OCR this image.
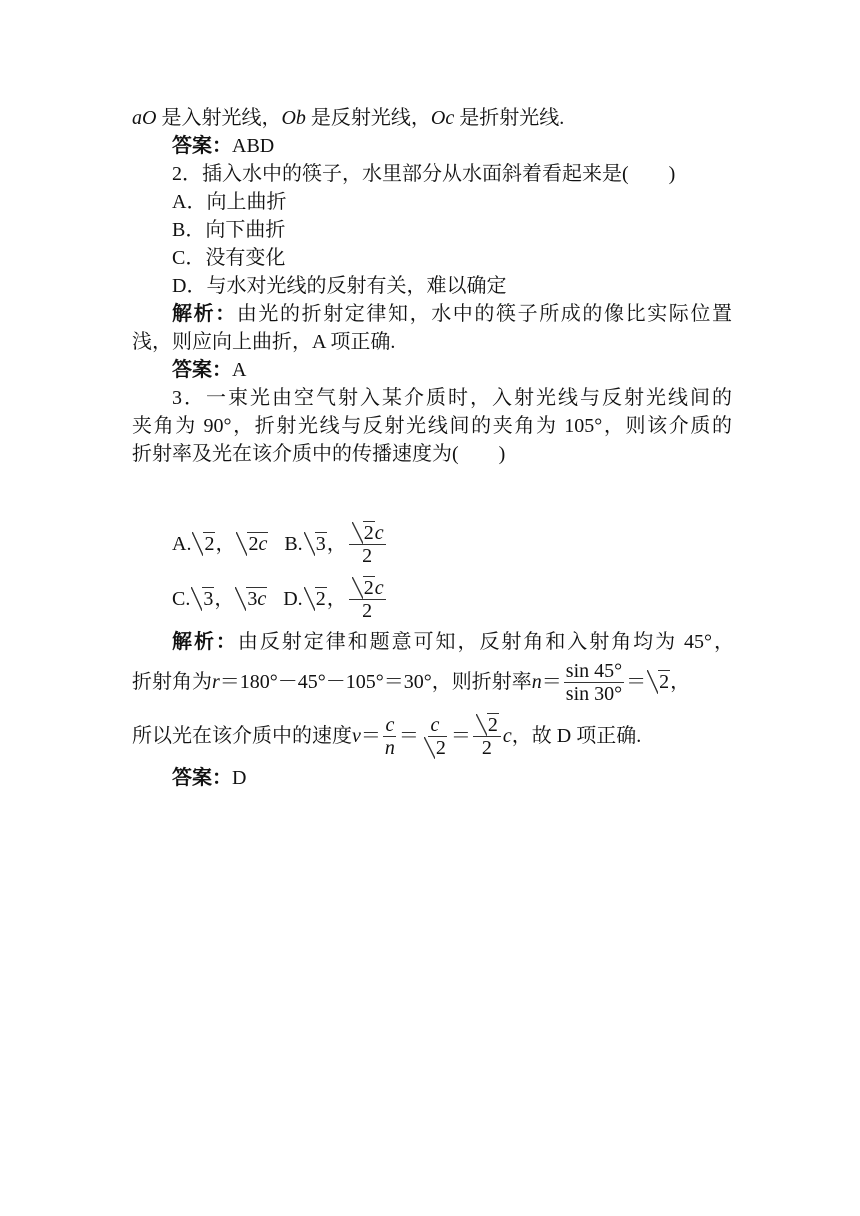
aO 是入射光线，Ob 是反射光线，Oc 是折射光线.
答案：ABD
2．插入水中的筷子，水里部分从水面斜着看起来是(　　)
A．向上曲折
B．向下曲折
C．没有变化
D．与水对光线的反射有关，难以确定
解析：由光的折射定律知，水中的筷子所成的像比实际位置
浅，则应向上曲折，A 项正确.
答案：A
3．一束光由空气射入某介质时，入射光线与反射光线间的
夹角为 90°，折射光线与反射光线间的夹角为 105°，则该介质的
折射率及光在该介质中的传播速度为(　　)
A. 2 ， 2c B. 3 ， $\frac{2c}{2}$
C. 3 ， 3c D. 2 ， $\frac{2c}{2}$
解析：由反射定律和题意可知，反射角和入射角均为 45°，
折射角为 r ＝180°－45°－105°＝30°，则折射率 $n = \frac{\sin 45^\circ}{\sin 30^\circ} = 2$ ，
所以光在该介质中的速度 $v = \frac{c}{n} = \frac{c}{2} = \frac{2}{2}$ c ，故 D 项正确.
答案：D
